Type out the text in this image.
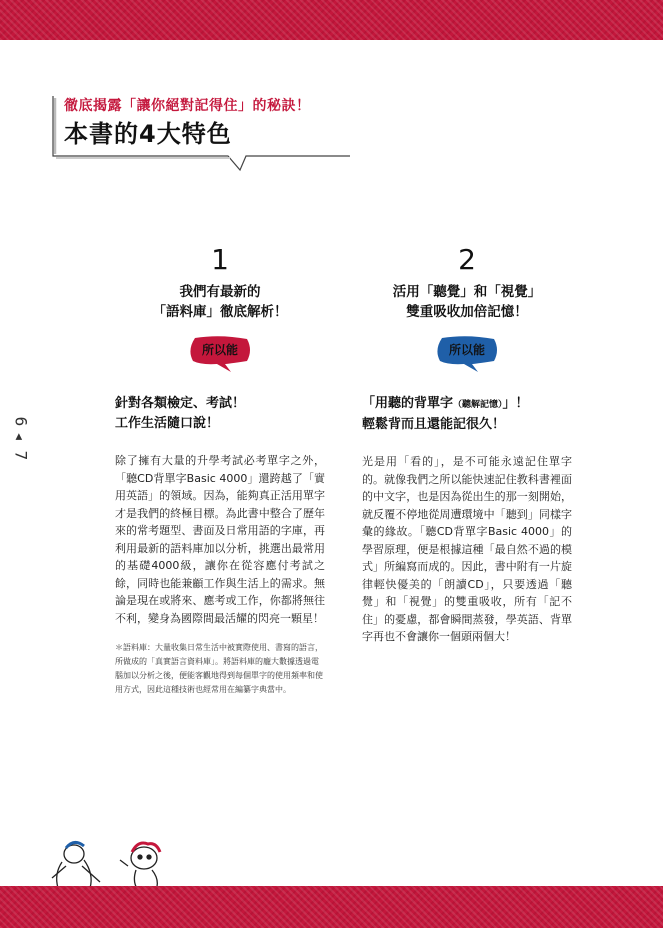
徹底揭露「讓你絕對記得住」的秘訣！
本書的4大特色
6
◀
7
1
我們有最新的
「語料庫」徹底解析！
所以能
針對各類檢定、考試！
工作生活隨口說！
除了擁有大量的升學考試必考單字之外，「聽CD背單字Basic 4000」還跨越了「實用英語」的領域。因為，能夠真正活用單字才是我們的終極目標。為此書中整合了歷年來的常考題型、書面及日常用語的字庫，再利用最新的語料庫加以分析，挑選出最常用的基礎4000級，讓你在從容應付考試之餘，同時也能兼顧工作與生活上的需求。無論是現在或將來、應考或工作，你都將無往不利，變身為國際間最活耀的閃亮一顆星！
＊語料庫：大量收集日常生活中被實際使用、書寫的語言，所做成的「真實語言資料庫」。將語料庫的龐大數據透過電腦加以分析之後，便能客觀地得到每個單字的使用頻率和使用方式，因此這種技術也經常用在編纂字典當中。
2
活用「聽覺」和「視覺」
雙重吸收加倍記憶！
所以能
「用聽的背單字（聽解記憶）」！
輕鬆背而且還能記很久！
光是用「看的」，是不可能永遠記住單字的。就像我們之所以能快速記住教科書裡面的中文字，也是因為從出生的那一刻開始，就反覆不停地從周遭環境中「聽到」同樣字彙的緣故。「聽CD背單字Basic 4000」的學習原理，便是根據這種「最自然不過的模式」所編寫而成的。因此，書中附有一片旋律輕快優美的「朗讀CD」，只要透過「聽覺」和「視覺」的雙重吸收，所有「記不住」的憂慮，都會瞬間蒸發，學英語、背單字再也不會讓你一個頭兩個大！
